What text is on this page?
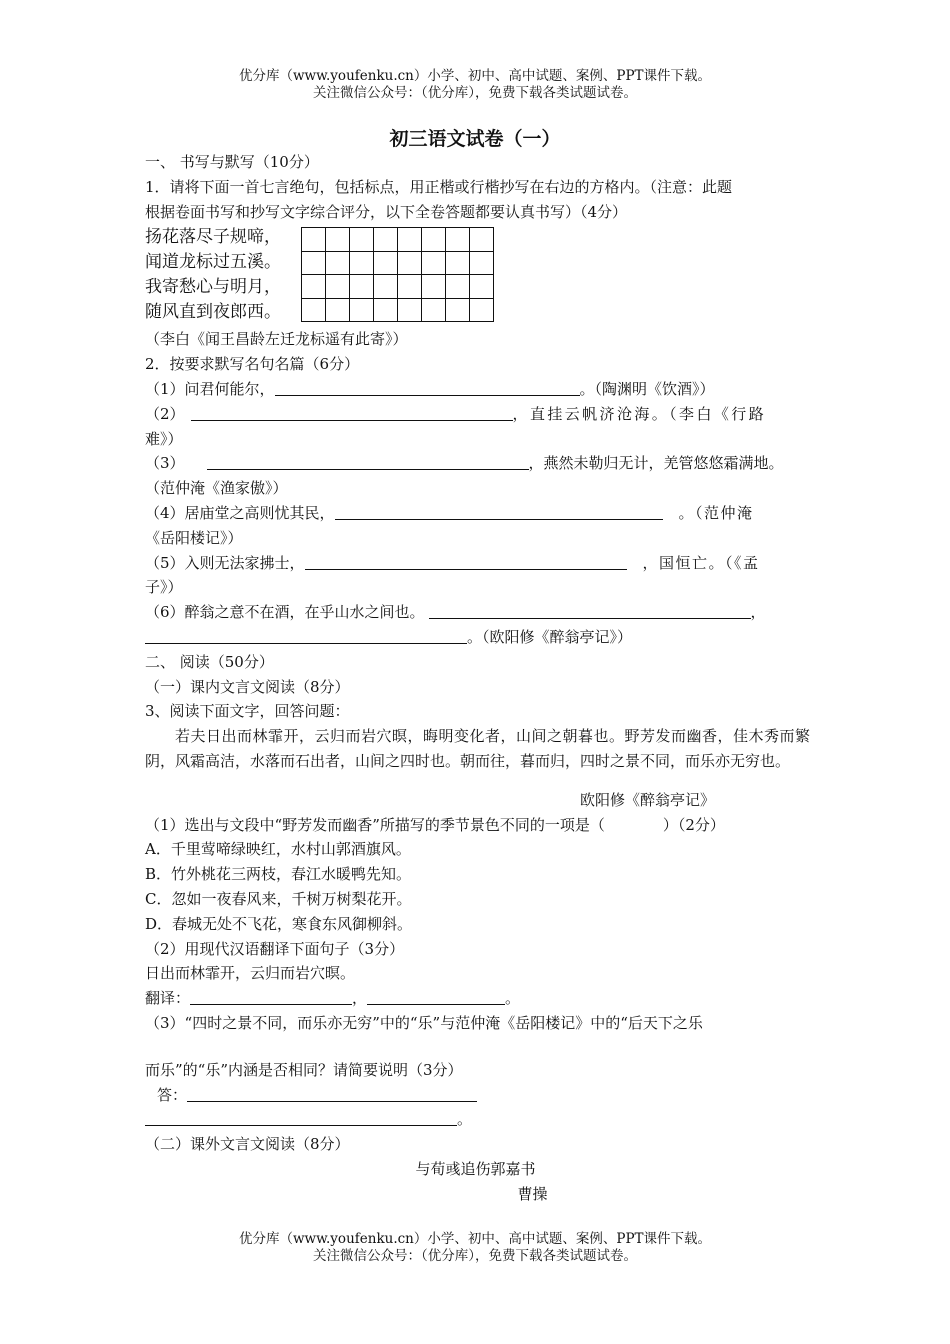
优分库（www.youfenku.cn）小学、初中、高中试题、案例、PPT课件下载。
关注微信公众号：（优分库），免费下载各类试题试卷。
初三语文试卷（一）
一、 书写与默写（10分）
1．请将下面一首七言绝句，包括标点，用正楷或行楷抄写在右边的方格内。（注意：此题
根据卷面书写和抄写文字综合评分，以下全卷答题都要认真书写）（4分）
扬花落尽子规啼，
闻道龙标过五溪。
我寄愁心与明月，
随风直到夜郎西。

（李白《闻王昌龄左迁龙标遥有此寄》）
2．按要求默写名句名篇（6分）
（1）问君何能尔，	。（陶渊明《饮酒》）
（2）	，直挂云帆济沧海。（李白《行路
难》）
（3）	，燕然未勒归无计，羌管悠悠霜满地。
（范仲淹《渔家傲》）
（4）居庙堂之高则忧其民，	。（范仲淹
《岳阳楼记》）
（5）入则无法家拂士，	，国恒亡。（《孟
子》）
（6）醉翁之意不在酒，在乎山水之间也。	，
。（欧阳修《醉翁亭记》）
二、 阅读（50分）
（一）课内文言文阅读（8分）
3、阅读下面文字，回答问题：
若夫日出而林霏开，云归而岩穴暝，晦明变化者，山间之朝暮也。野芳发而幽香，佳木秀而繁阴，风霜高洁，水落而石出者，山间之四时也。朝而往，暮而归，四时之景不同，而乐亦无穷也。
欧阳修《醉翁亭记》
（1）选出与文段中“野芳发而幽香”所描写的季节景色不同的一项是（	）（2分）
A．千里莺啼绿映红，水村山郭酒旗风。
B．竹外桃花三两枝，春江水暖鸭先知。
C．忽如一夜春风来，千树万树梨花开。
D．春城无处不飞花，寒食东风御柳斜。
（2）用现代汉语翻译下面句子（3分）
日出而林霏开，云归而岩穴暝。
翻译：	，	。
（3）“四时之景不同，而乐亦无穷”中的“乐”与范仲淹《岳阳楼记》中的“后天下之乐
而乐”的“乐”内涵是否相同？请简要说明（3分）
答：
。
（二）课外文言文阅读（8分）
与荀彧追伤郭嘉书
曹操
优分库（www.youfenku.cn）小学、初中、高中试题、案例、PPT课件下载。
关注微信公众号：（优分库），免费下载各类试题试卷。
